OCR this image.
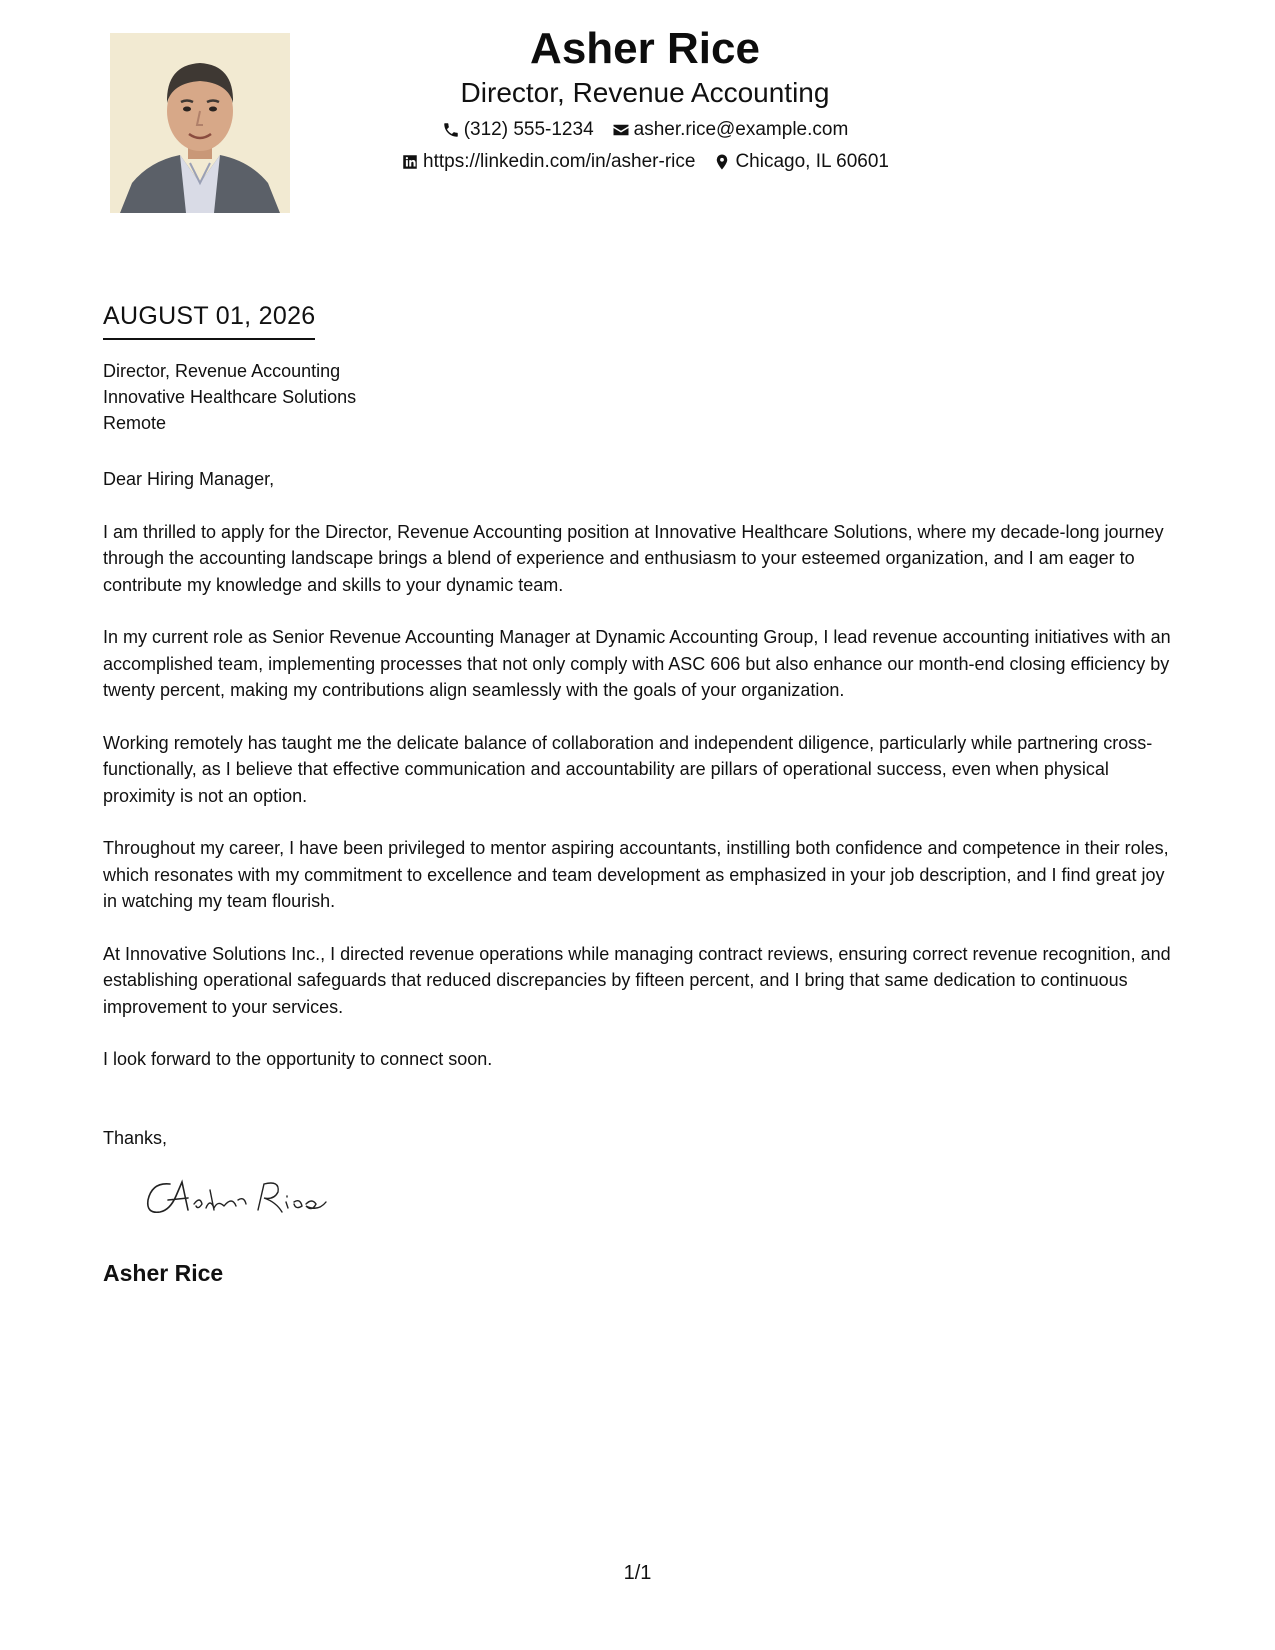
Asher Rice
Director, Revenue Accounting
(312) 555-1234 asher.rice@example.com
https://linkedin.com/in/asher-rice Chicago, IL 60601
AUGUST 01, 2026
Director, Revenue Accounting
Innovative Healthcare Solutions
Remote

Dear Hiring Manager,

I am thrilled to apply for the Director, Revenue Accounting position at Innovative Healthcare Solutions, where my decade-long journey through the accounting landscape brings a blend of experience and enthusiasm to your esteemed organization, and I am eager to contribute my knowledge and skills to your dynamic team.

In my current role as Senior Revenue Accounting Manager at Dynamic Accounting Group, I lead revenue accounting initiatives with an accomplished team, implementing processes that not only comply with ASC 606 but also enhance our month-end closing efficiency by twenty percent, making my contributions align seamlessly with the goals of your organization.

Working remotely has taught me the delicate balance of collaboration and independent diligence, particularly while partnering cross-functionally, as I believe that effective communication and accountability are pillars of operational success, even when physical proximity is not an option.

Throughout my career, I have been privileged to mentor aspiring accountants, instilling both confidence and competence in their roles, which resonates with my commitment to excellence and team development as emphasized in your job description, and I find great joy in watching my team flourish.

At Innovative Solutions Inc., I directed revenue operations while managing contract reviews, ensuring correct revenue recognition, and establishing operational safeguards that reduced discrepancies by fifteen percent, and I bring that same dedication to continuous improvement to your services.

I look forward to the opportunity to connect soon.

Thanks,
Asher Rice
1/1
